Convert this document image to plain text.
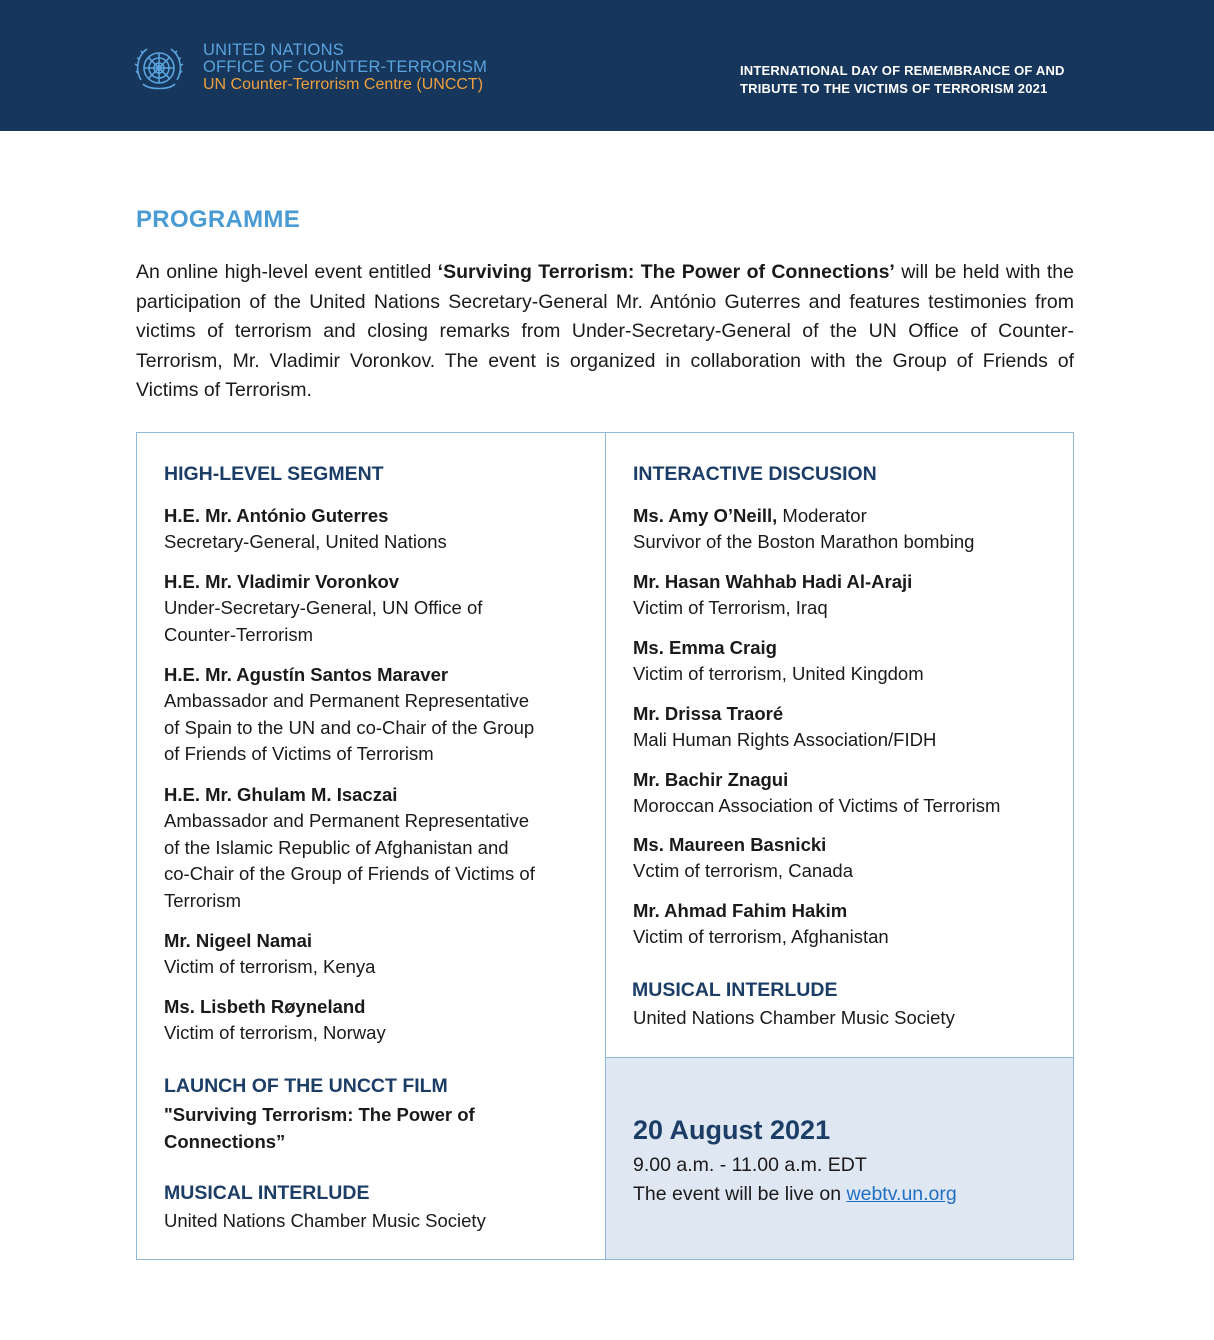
UNITED NATIONS
OFFICE OF COUNTER-TERRORISM
UN Counter-Terrorism Centre (UNCCT)
INTERNATIONAL DAY OF REMEMBRANCE OF AND
TRIBUTE TO THE VICTIMS OF TERRORISM 2021
PROGRAMME
An online high-level event entitled ‘Surviving Terrorism: The Power of Connections’ will be held with the participation of the United Nations Secretary-General Mr. António Guterres and features testimonies from victims of terrorism and closing remarks from Under-Secretary-General of the UN Office of Counter-Terrorism, Mr. Vladimir Voronkov. The event is organized in collaboration with the Group of Friends of Victims of Terrorism.
HIGH-LEVEL SEGMENT
H.E. Mr. António Guterres
Secretary-General, United Nations
H.E. Mr. Vladimir Voronkov
Under-Secretary-General, UN Office of
Counter-Terrorism
H.E. Mr. Agustín Santos Maraver
Ambassador and Permanent Representative
of Spain to the UN and co-Chair of the Group
of Friends of Victims of Terrorism
H.E. Mr. Ghulam M. Isaczai
Ambassador and Permanent Representative
of the Islamic Republic of Afghanistan and
co-Chair of the Group of Friends of Victims of
Terrorism
Mr. Nigeel Namai
Victim of terrorism, Kenya
Ms. Lisbeth Røyneland
Victim of terrorism, Norway
LAUNCH OF THE UNCCT FILM
"Surviving Terrorism: The Power of
Connections”
MUSICAL INTERLUDE
United Nations Chamber Music Society
INTERACTIVE DISCUSION
Ms. Amy O’Neill, Moderator
Survivor of the Boston Marathon bombing
Mr. Hasan Wahhab Hadi Al-Araji
Victim of Terrorism, Iraq
Ms. Emma Craig
Victim of terrorism, United Kingdom
Mr. Drissa Traoré
Mali Human Rights Association/FIDH
Mr. Bachir Znagui
Moroccan Association of Victims of Terrorism
Ms. Maureen Basnicki
Vctim of terrorism, Canada
Mr. Ahmad Fahim Hakim
Victim of terrorism, Afghanistan
MUSICAL INTERLUDE
United Nations Chamber Music Society
20 August 2021
9.00 a.m. - 11.00 a.m. EDT
The event will be live on webtv.un.org
